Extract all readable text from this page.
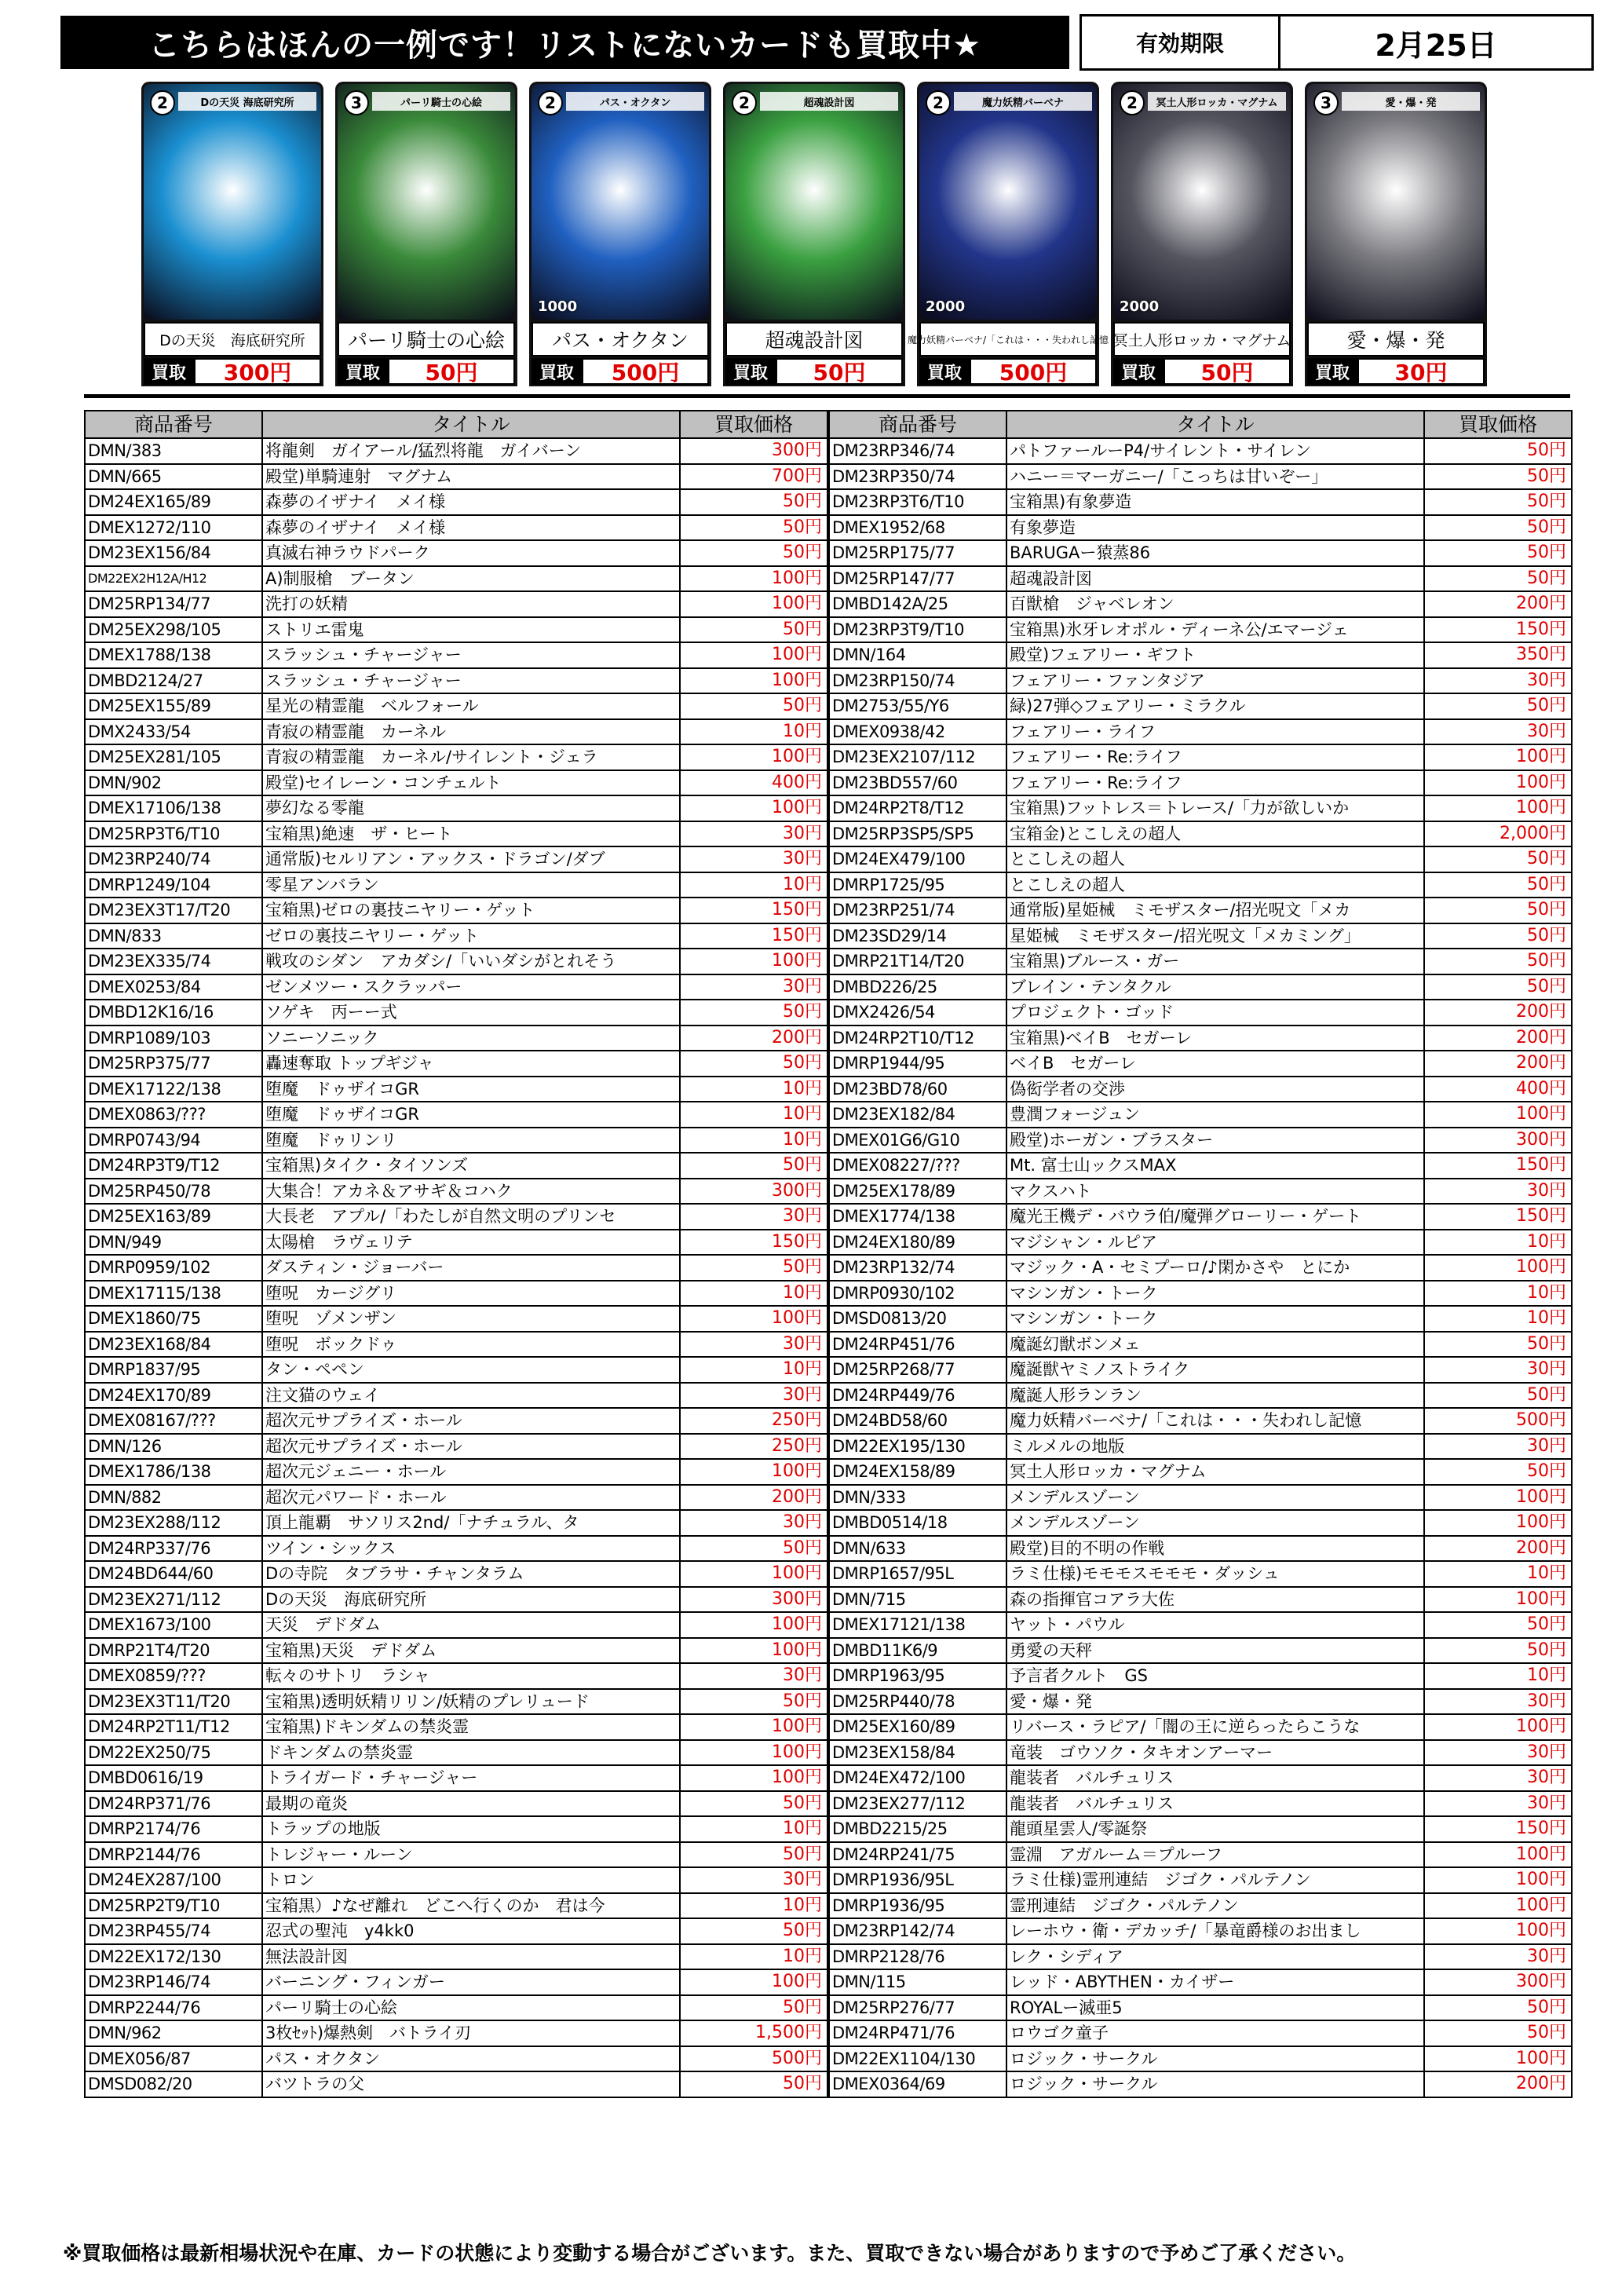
こちらはほんの一例です！リストにないカードも買取中★	有効期限	2月25日
2	Dの天災 海底研究所
Dの天災　海底研究所
買取	300円
3	パーリ騎士の心絵
パーリ騎士の心絵
買取	50円
2	パス・オクタン
1000
パス・オクタン
買取	500円
2	超魂設計図
超魂設計図
買取	50円
2	魔力妖精バーベナ
2000
魔力妖精バーベナ/「これは・・・失われし記憶
買取	500円
2	冥土人形ロッカ・マグナム
2000
冥土人形ロッカ・マグナム
買取	50円
3	愛・爆・発
愛・爆・発
買取	30円
商品番号	タイトル	買取価格
DMN/383	将龍剣　ガイアール/猛烈将龍　ガイバーン	300円
DMN/665	殿堂)単騎連射　マグナム	700円
DM24EX165/89	森夢のイザナイ　メイ様	50円
DMEX1272/110	森夢のイザナイ　メイ様	50円
DM23EX156/84	真滅右神ラウドパーク	50円
DM22EX2H12A/H12	A)制服槍　ブータン	100円
DM25RP134/77	洗打の妖精	100円
DM25EX298/105	ストリエ雷鬼	50円
DMEX1788/138	スラッシュ・チャージャー	100円
DMBD2124/27	スラッシュ・チャージャー	100円
DM25EX155/89	星光の精霊龍　ベルフォール	50円
DMX2433/54	青寂の精霊龍　カーネル	10円
DM25EX281/105	青寂の精霊龍　カーネル/サイレント・ジェラ	100円
DMN/902	殿堂)セイレーン・コンチェルト	400円
DMEX17106/138	夢幻なる零龍	100円
DM25RP3T6/T10	宝箱黒)絶速　ザ・ヒート	30円
DM23RP240/74	通常版)セルリアン・アックス・ドラゴン/ダブ	30円
DMRP1249/104	零星アンバラン	10円
DM23EX3T17/T20	宝箱黒)ゼロの裏技ニヤリー・ゲット	150円
DMN/833	ゼロの裏技ニヤリー・ゲット	150円
DM23EX335/74	戦攻のシダン　アカダシ/「いいダシがとれそう	100円
DMEX0253/84	ゼンメツー・スクラッパー	30円
DMBD12K16/16	ソゲキ　丙ーー式	50円
DMRP1089/103	ソニーソニック	200円
DM25RP375/77	轟速奪取 トップギジャ	50円
DMEX17122/138	堕魔　ドゥザイコGR	10円
DMEX0863/???	堕魔　ドゥザイコGR	10円
DMRP0743/94	堕魔　ドゥリンリ	10円
DM24RP3T9/T12	宝箱黒)タイク・タイソンズ	50円
DM25RP450/78	大集合！アカネ＆アサギ＆コハク	300円
DM25EX163/89	大長老　アプル/「わたしが自然文明のプリンセ	30円
DMN/949	太陽槍　ラヴェリテ	150円
DMRP0959/102	ダスティン・ジョーバー	50円
DMEX17115/138	堕呪　カージグリ	10円
DMEX1860/75	堕呪　ゾメンザン	100円
DM23EX168/84	堕呪　ボックドゥ	30円
DMRP1837/95	タン・ペペン	10円
DM24EX170/89	注文猫のウェイ	30円
DMEX08167/???	超次元サプライズ・ホール	250円
DMN/126	超次元サプライズ・ホール	250円
DMEX1786/138	超次元ジェニー・ホール	100円
DMN/882	超次元パワード・ホール	200円
DM23EX288/112	頂上龍覇　サソリス2nd/「ナチュラル、タ	30円
DM24RP337/76	ツイン・シックス	50円
DM24BD644/60	Dの寺院　タブラサ・チャンタラム	100円
DM23EX271/112	Dの天災　海底研究所	300円
DMEX1673/100	天災　デドダム	100円
DMRP21T4/T20	宝箱黒)天災　デドダム	100円
DMEX0859/???	転々のサトリ　ラシャ	30円
DM23EX3T11/T20	宝箱黒)透明妖精リリン/妖精のプレリュード	50円
DM24RP2T11/T12	宝箱黒)ドキンダムの禁炎霊	100円
DM22EX250/75	ドキンダムの禁炎霊	100円
DMBD0616/19	トライガード・チャージャー	100円
DM24RP371/76	最期の竜炎	50円
DMRP2174/76	トラップの地版	10円
DMRP2144/76	トレジャー・ルーン	50円
DM24EX287/100	トロン	30円
DM25RP2T9/T10	宝箱黒）♪なぜ離れ　どこへ行くのか　君は今	10円
DM23RP455/74	忍式の聖沌　y4kk0	50円
DM22EX172/130	無法設計図	10円
DM23RP146/74	バーニング・フィンガー	100円
DMRP2244/76	パーリ騎士の心絵	50円
DMN/962	3枚ｾｯﾄ)爆熱剣　バトライ刃	1,500円
DMEX056/87	パス・オクタン	500円
DMSD082/20	バツトラの父	50円
商品番号	タイトル	買取価格
DM23RP346/74	パトファールーP4/サイレント・サイレン	50円
DM23RP350/74	ハニー＝マーガニー/「こっちは甘いぞー」	50円
DM23RP3T6/T10	宝箱黒)有象夢造	50円
DMEX1952/68	有象夢造	50円
DM25RP175/77	BARUGAー猿蒸86	50円
DM25RP147/77	超魂設計図	50円
DMBD142A/25	百獣槍　ジャベレオン	200円
DM23RP3T9/T10	宝箱黒)氷牙レオポル・ディーネ公/エマージェ	150円
DMN/164	殿堂)フェアリー・ギフト	350円
DM23RP150/74	フェアリー・ファンタジア	30円
DM2753/55/Y6	緑)27弾◇フェアリー・ミラクル	50円
DMEX0938/42	フェアリー・ライフ	30円
DM23EX2107/112	フェアリー・Re:ライフ	100円
DM23BD557/60	フェアリー・Re:ライフ	100円
DM24RP2T8/T12	宝箱黒)フットレス＝トレース/「力が欲しいか	100円
DM25RP3SP5/SP5	宝箱金)とこしえの超人	2,000円
DM24EX479/100	とこしえの超人	50円
DMRP1725/95	とこしえの超人	50円
DM23RP251/74	通常版)星姫械　ミモザスター/招光呪文「メカ	50円
DM23SD29/14	星姫械　ミモザスター/招光呪文「メカミング」	50円
DMRP21T14/T20	宝箱黒)ブルース・ガー	50円
DMBD226/25	ブレイン・テンタクル	50円
DMX2426/54	プロジェクト・ゴッド	200円
DM24RP2T10/T12	宝箱黒)ベイB　セガーレ	200円
DMRP1944/95	ベイB　セガーレ	200円
DM23BD78/60	偽衒学者の交渉	400円
DM23EX182/84	豊潤フォージュン	100円
DMEX01G6/G10	殿堂)ホーガン・ブラスター	300円
DMEX08227/???	Mt. 富士山ックスMAX	150円
DM25EX178/89	マクスハト	30円
DMEX1774/138	魔光王機デ・バウラ伯/魔弾グローリー・ゲート	150円
DM24EX180/89	マジシャン・ルピア	10円
DM23RP132/74	マジック・A・セミプーロ/♪閑かさや　とにか	100円
DMRP0930/102	マシンガン・トーク	10円
DMSD0813/20	マシンガン・トーク	10円
DM24RP451/76	魔誕幻獣ボンメェ	50円
DM25RP268/77	魔誕獣ヤミノストライク	30円
DM24RP449/76	魔誕人形ランラン	50円
DM24BD58/60	魔力妖精バーベナ/「これは・・・失われし記憶	500円
DM22EX195/130	ミルメルの地版	30円
DM24EX158/89	冥土人形ロッカ・マグナム	50円
DMN/333	メンデルスゾーン	100円
DMBD0514/18	メンデルスゾーン	100円
DMN/633	殿堂)目的不明の作戦	200円
DMRP1657/95L	ラミ仕様)モモモスモモモ・ダッシュ	10円
DMN/715	森の指揮官コアラ大佐	100円
DMEX17121/138	ヤット・パウル	50円
DMBD11K6/9	勇愛の天秤	50円
DMRP1963/95	予言者クルト　GS	10円
DM25RP440/78	愛・爆・発	30円
DM25EX160/89	リバース・ラピア/「闇の王に逆らったらこうな	100円
DM23EX158/84	竜装　ゴウソク・タキオンアーマー	30円
DM24EX472/100	龍装者　バルチュリス	30円
DM23EX277/112	龍装者　バルチュリス	30円
DMBD2215/25	龍頭星雲人/零誕祭	150円
DM24RP241/75	霊淵　アガルーム＝プルーフ	100円
DMRP1936/95L	ラミ仕様)霊刑連結　ジゴク・パルテノン	100円
DMRP1936/95	霊刑連結　ジゴク・パルテノン	100円
DM23RP142/74	レーホウ・衛・デカッチ/「暴竜爵様のお出まし	100円
DMRP2128/76	レク・シディア	30円
DMN/115	レッド・ABYTHEN・カイザー	300円
DM25RP276/77	ROYALー滅亜5	50円
DM24RP471/76	ロウゴク童子	50円
DM22EX1104/130	ロジック・サークル	100円
DMEX0364/69	ロジック・サークル	200円
※買取価格は最新相場状況や在庫、カードの状態により変動する場合がございます。また、買取できない場合がありますので予めご了承ください。
